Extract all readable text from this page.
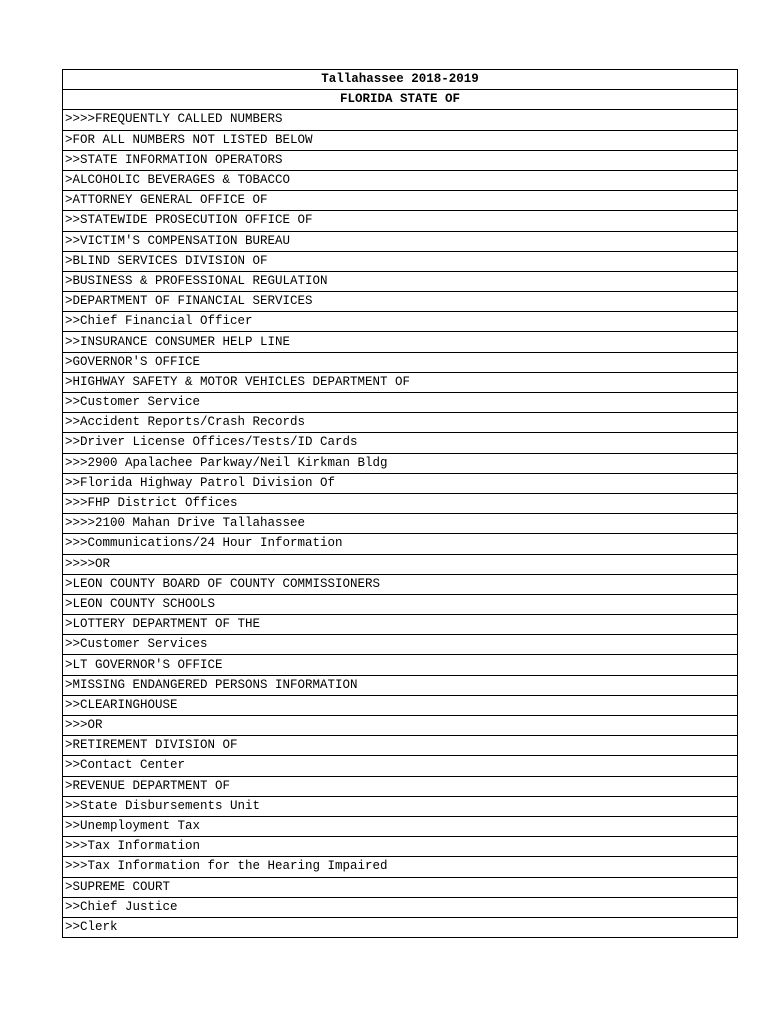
Tallahassee 2018-2019
FLORIDA STATE OF
>>>>FREQUENTLY CALLED NUMBERS
>FOR ALL NUMBERS NOT LISTED BELOW
>>STATE INFORMATION OPERATORS
>ALCOHOLIC BEVERAGES & TOBACCO
>ATTORNEY GENERAL OFFICE OF
>>STATEWIDE PROSECUTION OFFICE OF
>>VICTIM'S COMPENSATION BUREAU
>BLIND SERVICES DIVISION OF
>BUSINESS & PROFESSIONAL REGULATION
>DEPARTMENT OF FINANCIAL SERVICES
>>Chief Financial Officer
>>INSURANCE CONSUMER HELP LINE
>GOVERNOR'S OFFICE
>HIGHWAY SAFETY & MOTOR VEHICLES DEPARTMENT OF
>>Customer Service
>>Accident Reports/Crash Records
>>Driver License Offices/Tests/ID Cards
>>>2900 Apalachee Parkway/Neil Kirkman Bldg
>>Florida Highway Patrol Division Of
>>>FHP District Offices
>>>>2100 Mahan Drive Tallahassee
>>>Communications/24 Hour Information
>>>>OR
>LEON COUNTY BOARD OF COUNTY COMMISSIONERS
>LEON COUNTY SCHOOLS
>LOTTERY DEPARTMENT OF THE
>>Customer Services
>LT GOVERNOR'S OFFICE
>MISSING ENDANGERED PERSONS INFORMATION
>>CLEARINGHOUSE
>>>OR
>RETIREMENT DIVISION OF
>>Contact Center
>REVENUE DEPARTMENT OF
>>State Disbursements Unit
>>Unemployment Tax
>>>Tax Information
>>>Tax Information for the Hearing Impaired
>SUPREME COURT
>>Chief Justice
>>Clerk
